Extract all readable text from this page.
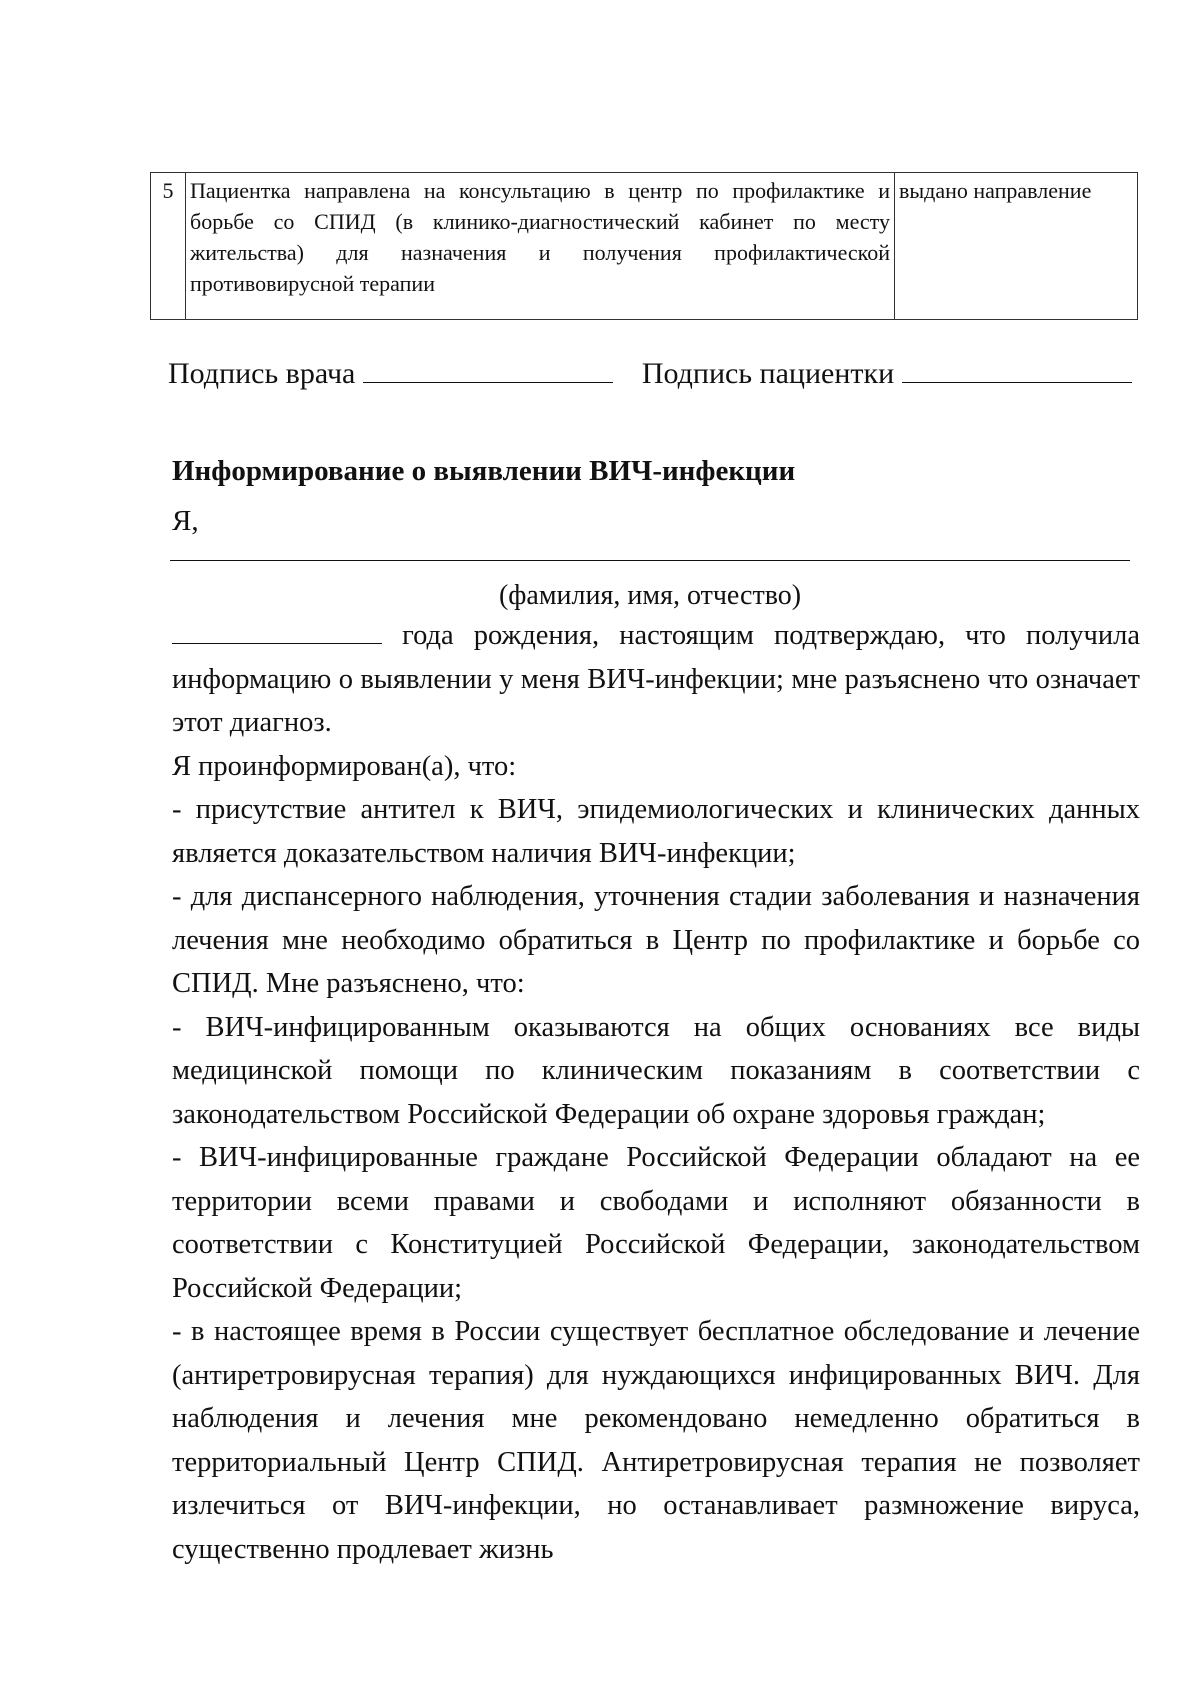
5	Пациентка направлена на консультацию в центр по профилактике и борьбе со СПИД (в клинико-диагностический кабинет по месту жительства) для назначения и получения профилактической противовирусной терапии	выдано направление
Подпись врача	Подпись пациентки
Информирование о выявлении ВИЧ-инфекции
Я,
(фамилия, имя, отчество)

года рождения, настоящим подтверждаю, что получила информацию о выявлении у меня ВИЧ-инфекции; мне разъяснено что означает этот диагноз.

Я проинформирован(а), что:

- присутствие антител к ВИЧ, эпидемиологических и клинических данных является доказательством наличия ВИЧ-инфекции;

- для диспансерного наблюдения, уточнения стадии заболевания и назначения лечения мне необходимо обратиться в Центр по профилактике и борьбе со СПИД. Мне разъяснено, что:

- ВИЧ-инфицированным оказываются на общих основаниях все виды медицинской помощи по клиническим показаниям в соответствии с законодательством Российской Федерации об охране здоровья граждан;

- ВИЧ-инфицированные граждане Российской Федерации обладают на ее территории всеми правами и свободами и исполняют обязанности в соответствии с Конституцией Российской Федерации, законодательством Российской Федерации;

- в настоящее время в России существует бесплатное обследование и лечение (антиретровирусная терапия) для нуждающихся инфицированных ВИЧ. Для наблюдения и лечения мне рекомендовано немедленно обратиться в территориальный Центр СПИД. Антиретровирусная терапия не позволяет излечиться от ВИЧ-инфекции, но останавливает размножение вируса, существенно продлевает жизнь
